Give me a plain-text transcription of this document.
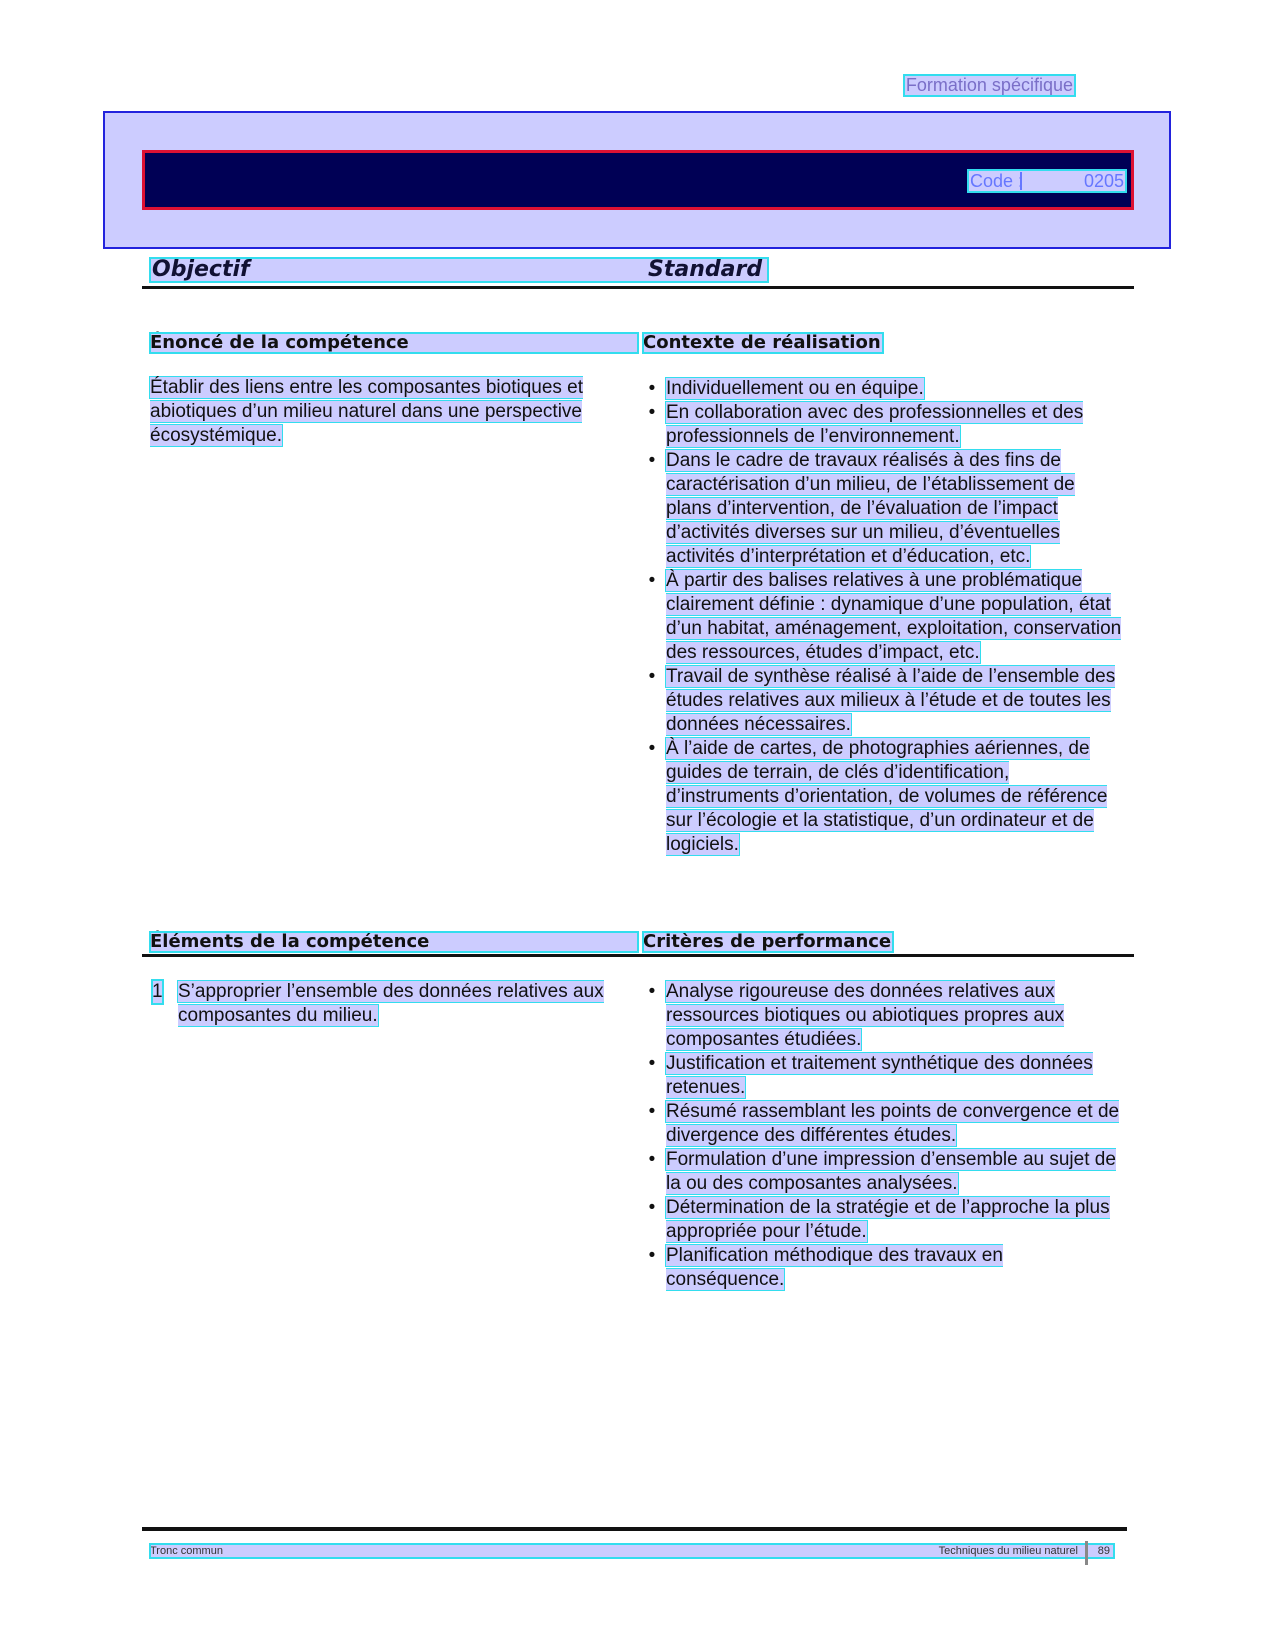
Formation spécifique
Code :	0205
Objectif	Standard
Énoncé de la compétence	Contexte de réalisation
Établir des liens entre les composantes biotiques et abiotiques d’un milieu naturel dans une perspective écosystémique.
• Individuellement ou en équipe.
• En collaboration avec des professionnelles et des professionnels de l’environnement.
• Dans le cadre de travaux réalisés à des fins de caractérisation d’un milieu, de l’établissement de plans d’intervention, de l’évaluation de l’impact d’activités diverses sur un milieu, d’éventuelles activités d’interprétation et d’éducation, etc.
• À partir des balises relatives à une problématique clairement définie : dynamique d’une population, état d’un habitat, aménagement, exploitation, conservation des ressources, études d’impact, etc.
• Travail de synthèse réalisé à l’aide de l’ensemble des études relatives aux milieux à l’étude et de toutes les données nécessaires.
• À l’aide de cartes, de photographies aériennes, de guides de terrain, de clés d’identification, d’instruments d’orientation, de volumes de référence sur l’écologie et la statistique, d’un ordinateur et de logiciels.
Éléments de la compétence	Critères de performance
1 S’approprier l’ensemble des données relatives aux composantes du milieu.
• Analyse rigoureuse des données relatives aux ressources biotiques ou abiotiques propres aux composantes étudiées.
• Justification et traitement synthétique des données retenues.
• Résumé rassemblant les points de convergence et de divergence des différentes études.
• Formulation d’une impression d’ensemble au sujet de la ou des composantes analysées.
• Détermination de la stratégie et de l’approche la plus appropriée pour l’étude.
• Planification méthodique des travaux en conséquence.
Tronc commun	Techniques du milieu naturel 89
